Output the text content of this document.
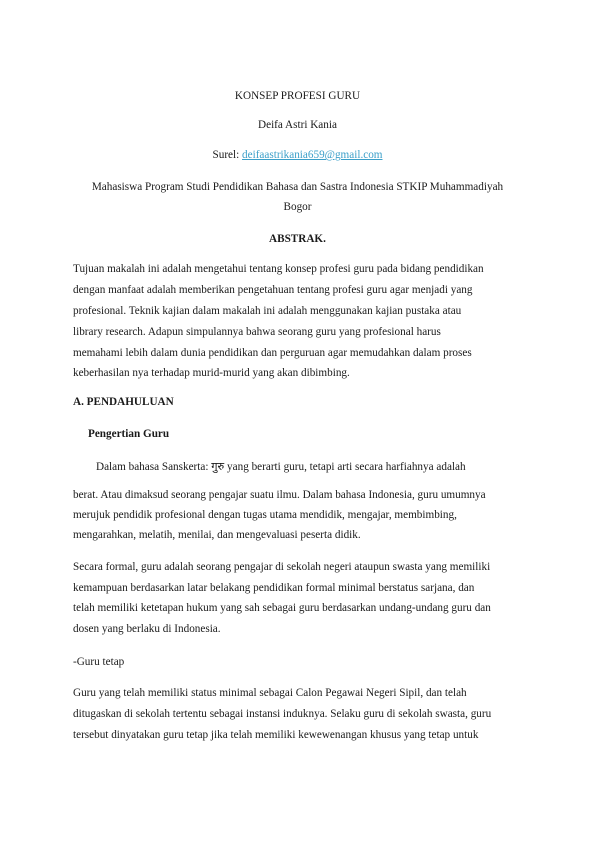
KONSEP PROFESI GURU
Deifa Astri Kania
Surel: deifaastrikania659@gmail.com
Mahasiswa Program Studi Pendidikan Bahasa dan Sastra Indonesia STKIP Muhammadiyah
Bogor
ABSTRAK.
Tujuan makalah ini adalah mengetahui tentang konsep profesi guru pada bidang pendidikan
dengan manfaat adalah memberikan pengetahuan tentang profesi guru agar menjadi yang
profesional. Teknik kajian dalam makalah ini adalah menggunakan kajian pustaka atau
library research. Adapun simpulannya bahwa seorang guru yang profesional harus
memahami lebih dalam dunia pendidikan dan perguruan agar memudahkan dalam proses
keberhasilan nya terhadap murid-murid yang akan dibimbing.
A. PENDAHULUAN
Pengertian Guru
Dalam bahasa Sanskerta: गुरु yang berarti guru, tetapi arti secara harfiahnya adalah
berat. Atau dimaksud seorang pengajar suatu ilmu. Dalam bahasa Indonesia, guru umumnya
merujuk pendidik profesional dengan tugas utama mendidik, mengajar, membimbing,
mengarahkan, melatih, menilai, dan mengevaluasi peserta didik.
Secara formal, guru adalah seorang pengajar di sekolah negeri ataupun swasta yang memiliki
kemampuan berdasarkan latar belakang pendidikan formal minimal berstatus sarjana, dan
telah memiliki ketetapan hukum yang sah sebagai guru berdasarkan undang-undang guru dan
dosen yang berlaku di Indonesia.
-Guru tetap
Guru yang telah memiliki status minimal sebagai Calon Pegawai Negeri Sipil, dan telah
ditugaskan di sekolah tertentu sebagai instansi induknya. Selaku guru di sekolah swasta, guru
tersebut dinyatakan guru tetap jika telah memiliki kewewenangan khusus yang tetap untuk
